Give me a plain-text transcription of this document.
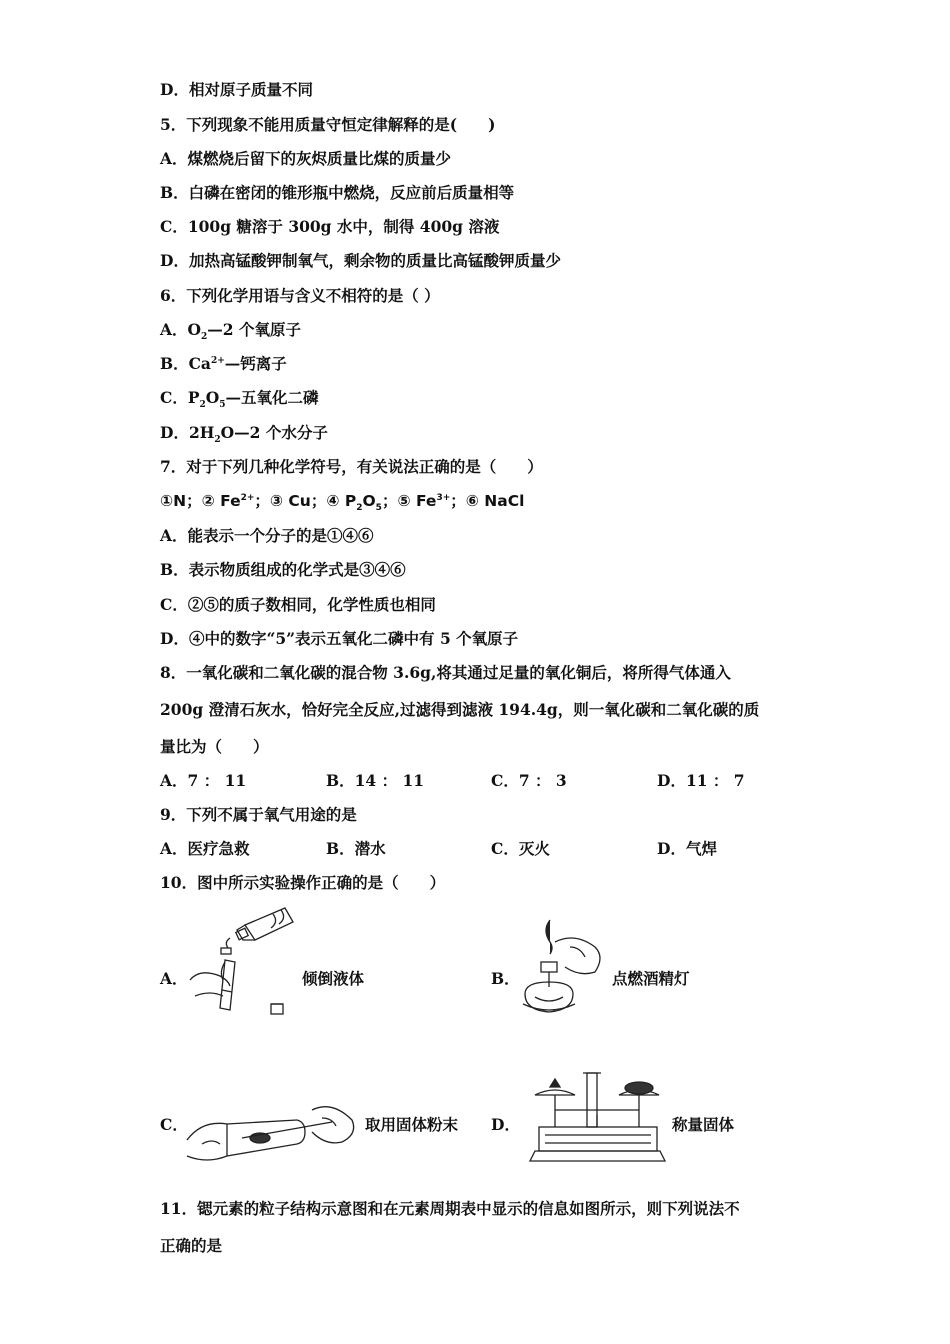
D．相对原子质量不同
5．下列现象不能用质量守恒定律解释的是(　　)
A．煤燃烧后留下的灰烬质量比煤的质量少
B．白磷在密闭的锥形瓶中燃烧，反应前后质量相等
C．100g 糖溶于 300g 水中，制得 400g 溶液
D．加热高锰酸钾制氧气，剩余物的质量比高锰酸钾质量少
6．下列化学用语与含义不相符的是（ ）
A．$O_2—2$ 个氧原子
B．$Ca^{2+}—$钙离子
C．$P_2O_5—$五氧化二磷
D．$2H_2O—2$ 个水分子
7．对于下列几种化学符号，有关说法正确的是（　　）
①N；② $Fe^{2+}$；③ Cu；④ $P_2O_5$；⑤ $Fe^{3+}$；⑥ NaCl
A．能表示一个分子的是①④⑥
B．表示物质组成的化学式是③④⑥
C．②⑤的质子数相同，化学性质也相同
D．④中的数字“5”表示五氧化二磷中有 5 个氧原子
8．一氧化碳和二氧化碳的混合物 3.6g,将其通过足量的氧化铜后，将所得气体通入
200g 澄清石灰水，恰好完全反应,过滤得到滤液 194.4g，则一氧化碳和二氧化碳的质
量比为（　　）
A．7 ： 11	B．14 ： 11	C．7 ： 3	D．11 ： 7
9．下列不属于氧气用途的是
A．医疗急救	B．潜水	C．灭火	D．气焊
10．图中所示实验操作正确的是（　　）
A．	倾倒液体	B．	点燃酒精灯
C．	取用固体粉末 D．	称量固体
11．锶元素的粒子结构示意图和在元素周期表中显示的信息如图所示，则下列说法不
正确的是
